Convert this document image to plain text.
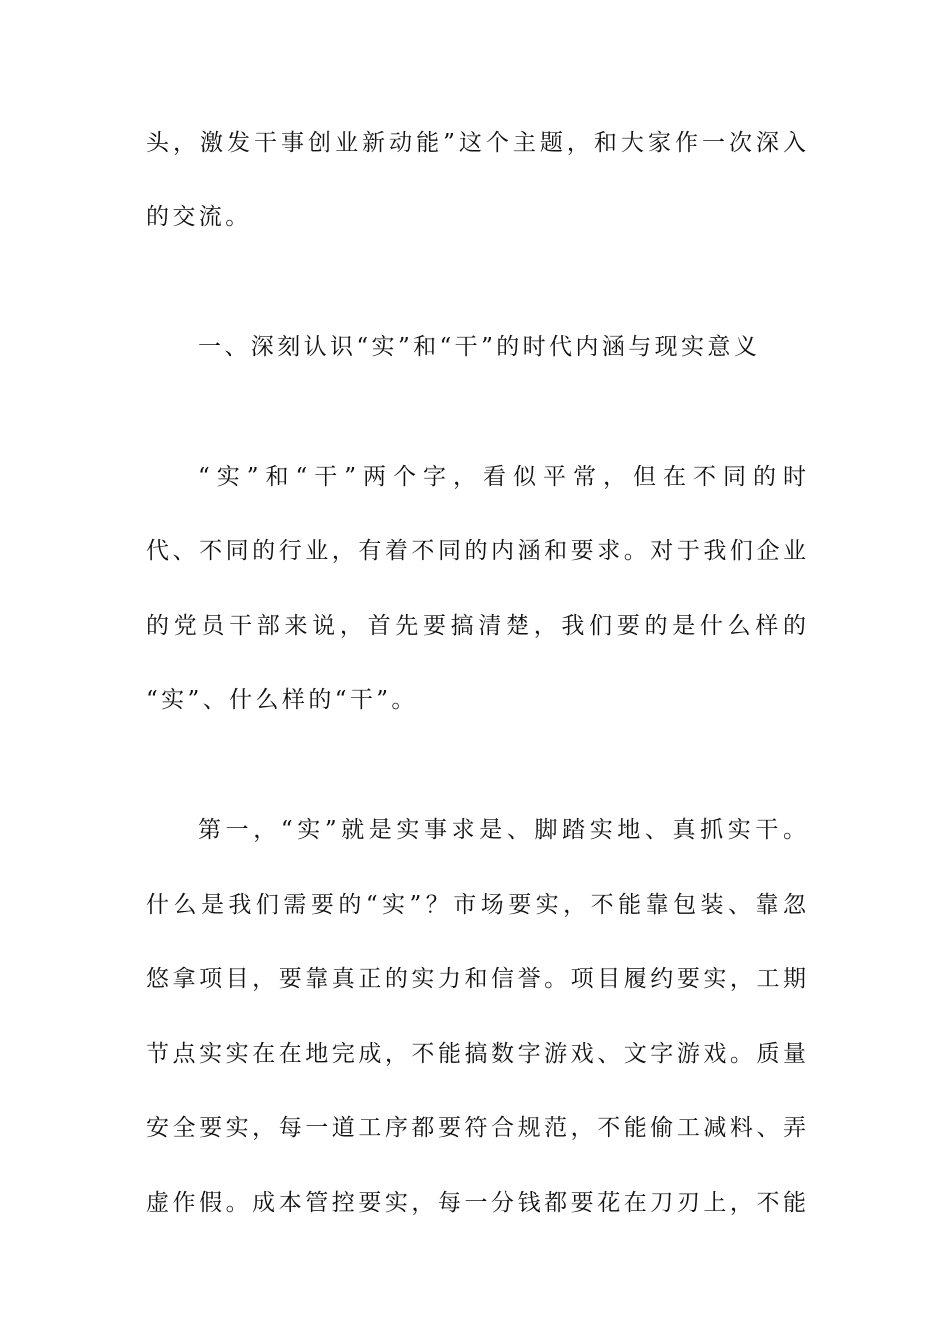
头，激发干事创业新动能”这个主题，和大家作一次深入
的交流。
一、深刻认识“实”和“干”的时代内涵与现实意义
“实”和“干”两个字，看似平常，但在不同的时
代、不同的行业，有着不同的内涵和要求。对于我们企业
的党员干部来说，首先要搞清楚，我们要的是什么样的
“实”、什么样的“干”。
第一，“实”就是实事求是、脚踏实地、真抓实干。
什么是我们需要的“实”？市场要实，不能靠包装、靠忽
悠拿项目，要靠真正的实力和信誉。项目履约要实，工期
节点实实在在地完成，不能搞数字游戏、文字游戏。质量
安全要实，每一道工序都要符合规范，不能偷工减料、弄
虚作假。成本管控要实，每一分钱都要花在刀刃上，不能
